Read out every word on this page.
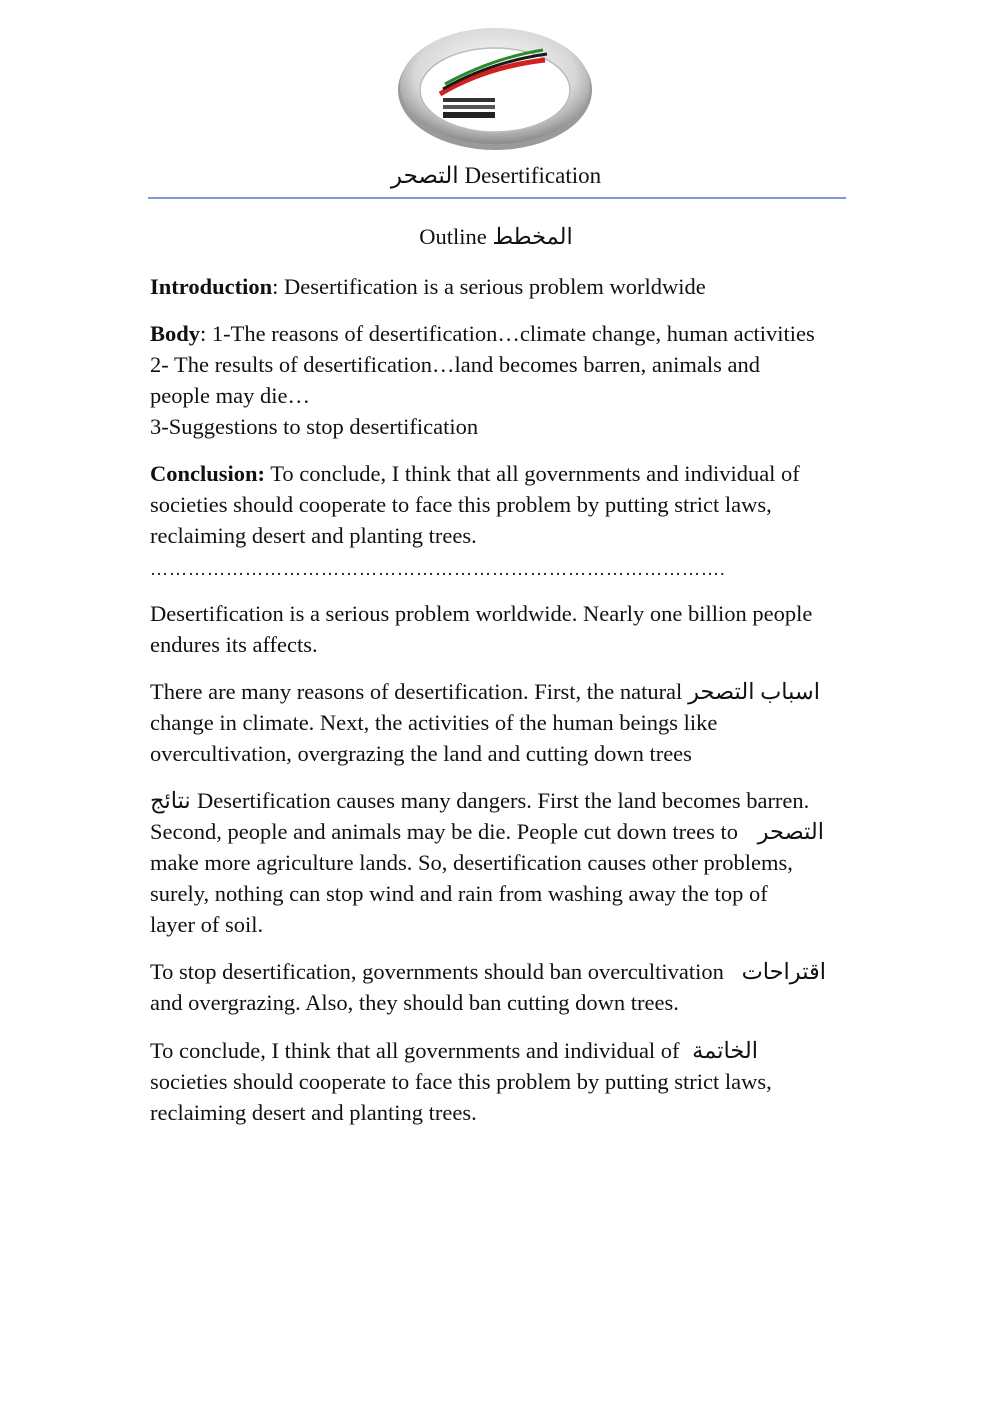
التصحر Desertification
Outline المخطط
Introduction: Desertification is a serious problem worldwide
Body: 1-The reasons of desertification…climate change, human activities
2- The results of desertification…land becomes barren, animals and
people may die…
3-Suggestions to stop desertification
Conclusion: To conclude, I think that all governments and individual of
societies should cooperate to face this problem by putting strict laws,
reclaiming desert and planting trees.
……………………………………………………………………………….
Desertification is a serious problem worldwide. Nearly one billion people
endures its affects.
There are many reasons of desertification. First, the natural اسباب التصحر
change in climate. Next, the activities of the human beings like
overcultivation, overgrazing the land and cutting down trees
نتائج Desertification causes many dangers. First the land becomes barren.
Second, people and animals may be die. People cut down trees to التصحر
make more agriculture lands. So, desertification causes other problems,
surely, nothing can stop wind and rain from washing away the top of
layer of soil.
To stop desertification, governments should ban overcultivation اقتراحات
and overgrazing. Also, they should ban cutting down trees.
To conclude, I think that all governments and individual of الخاتمة
societies should cooperate to face this problem by putting strict laws,
reclaiming desert and planting trees.
